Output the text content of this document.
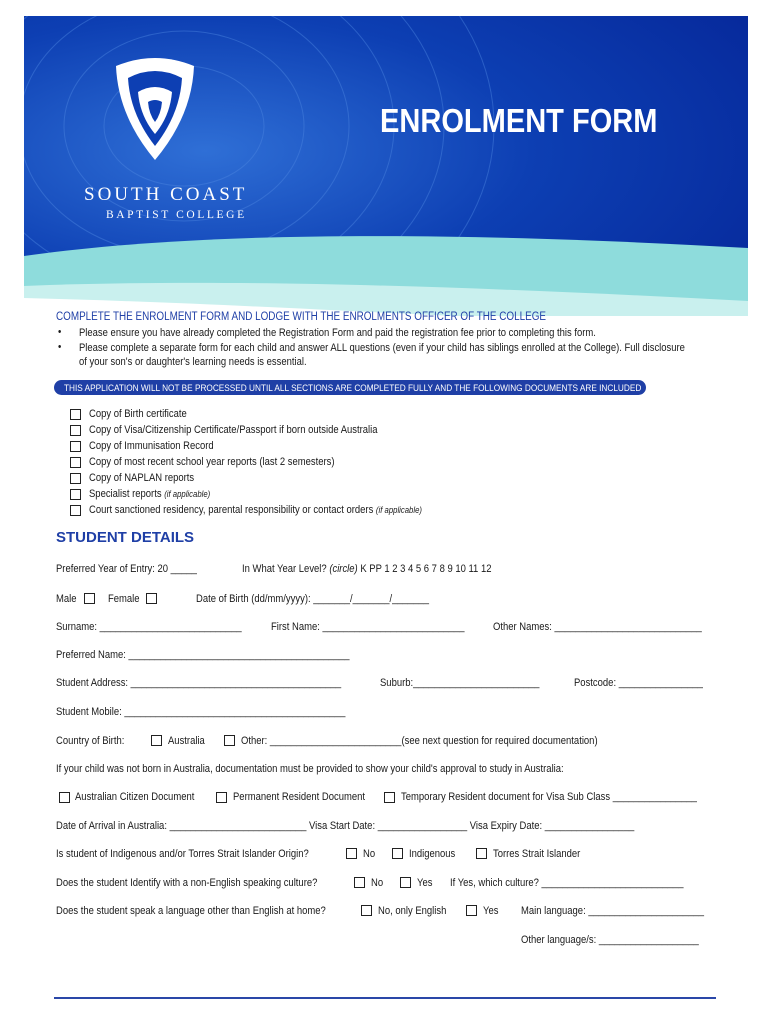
SOUTH COAST
BAPTIST COLLEGE
ENROLMENT FORM
COMPLETE THE ENROLMENT FORM AND LODGE WITH THE ENROLMENTS OFFICER OF THE COLLEGE
• Please ensure you have already completed the Registration Form and paid the registration fee prior to completing this form.
• Please complete a separate form for each child and answer ALL questions (even if your child has siblings enrolled at the College). Full disclosure
of your son's or daughter's learning needs is essential.
THIS APPLICATION WILL NOT BE PROCESSED UNTIL ALL SECTIONS ARE COMPLETED FULLY AND THE FOLLOWING DOCUMENTS ARE INCLUDED
Copy of Birth certificate
Copy of Visa/Citizenship Certificate/Passport if born outside Australia
Copy of Immunisation Record
Copy of most recent school year reports (last 2 semesters)
Copy of NAPLAN reports
Specialist reports (if applicable)
Court sanctioned residency, parental responsibility or contact orders (if applicable)
STUDENT DETAILS
Preferred Year of Entry: 20 _____	In What Year Level? (circle) K PP 1 2 3 4 5 6 7 8 9 10 11 12
Male	Female	Date of Birth (dd/mm/yyyy): _______/_______/_______
Surname: ___________________________	First Name: ___________________________	Other Names: ____________________________
Preferred Name: __________________________________________
Student Address: ________________________________________	Suburb:________________________	Postcode: ________________
Student Mobile: __________________________________________
Country of Birth:	Australia	Other: _________________________(see next question for required documentation)
If your child was not born in Australia, documentation must be provided to show your child's approval to study in Australia:
Australian Citizen Document	Permanent Resident Document	Temporary Resident document for Visa Sub Class ________________
Date of Arrival in Australia: __________________________ Visa Start Date: _________________ Visa Expiry Date: _________________
Is student of Indigenous and/or Torres Strait Islander Origin?	No	Indigenous	Torres Strait Islander
Does the student Identify with a non-English speaking culture?	No	Yes If Yes, which culture? ___________________________
Does the student speak a language other than English at home?	No, only English	Yes Main language: ______________________
Other language/s: ___________________
